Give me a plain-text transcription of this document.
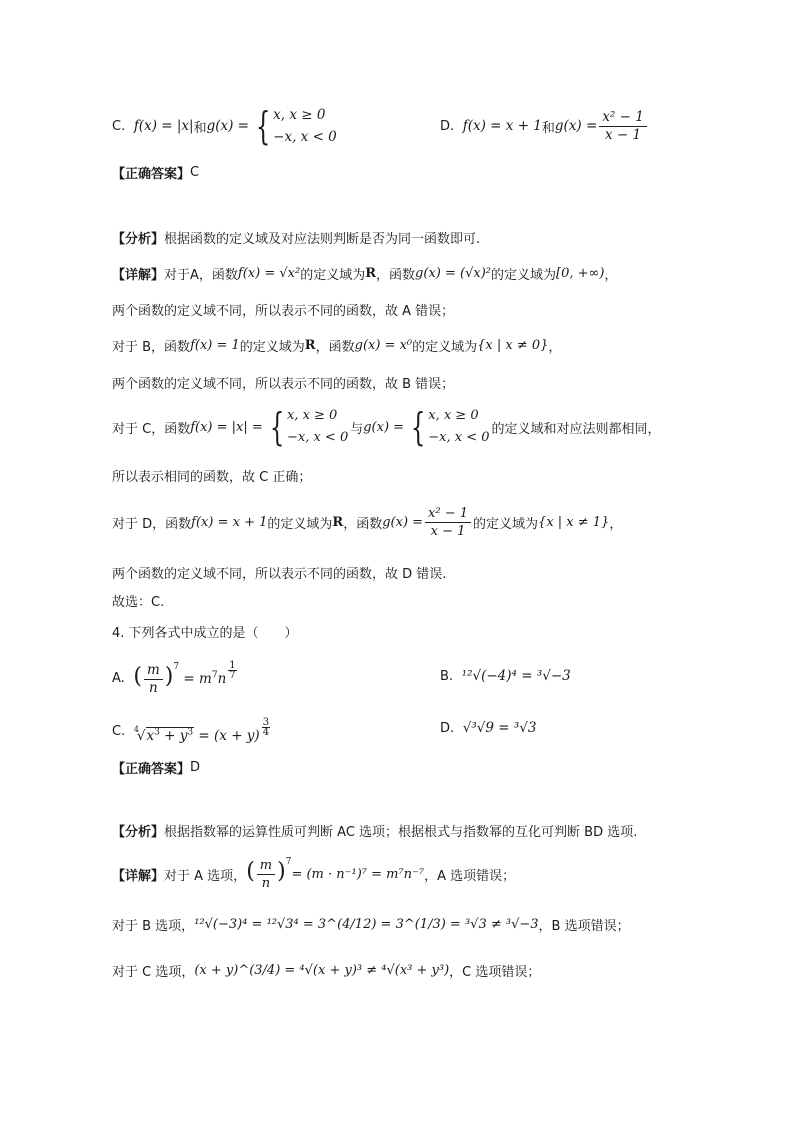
C.
f(x) = |x| 和 g(x) = { x, x ≥ 0
−x, x < 0
D.
f(x) = x + 1 和 $g(x) = \frac{\text{x² − 1}}{x - 1}$
【正确答案】 C
【分析】 根据函数的定义域及对应法则判断是否为同一函数即可.
【详解】 对于A，函数 f(x) = √x² 的定义域为 R ，函数 g(x) = (√x)² 的定义域为 [0, +∞) ，
两个函数的定义域不同，所以表示不同的函数，故 A 错误；
对于 B，函数 f(x) = 1 的定义域为 R ，函数 g(x) = x⁰ 的定义域为 {x | x ≠ 0} ，
两个函数的定义域不同，所以表示不同的函数，故 B 错误；
对于 C，函数 f(x) = |x| = { x, x ≥ 0
−x, x < 0
与 g(x) = { x, x ≥ 0
−x, x < 0
的定义域和对应法则都相同，
所以表示相同的函数，故 C 正确；
对于 D，函数 f(x) = x + 1 的定义域为 R ，函数 $g(x) = \frac{\text{x² − 1}}{x - 1}$ 的定义域为 {x | x ≠ 1} ，
两个函数的定义域不同，所以表示不同的函数，故 D 错误.
故选：C.
4. 下列各式中成立的是（　　）
A.
( $\frac{m}{n} )^7 = m^7n$ $^{\frac{1}{7}}$	B.
¹²√(−4)⁴ = ³√−3
C.
$^4√x^3 + y^3 = (x + y)$ $^{\frac{3}{4}}$	D.
√³√9 = ³√3
【正确答案】 D
【分析】 根据指数幂的运算性质可判断 AC 选项；根据根式与指数幂的互化可判断 BD 选项.
【详解】 对于 A 选项， ( $\frac{m}{n} )^7$
= (m · n⁻¹)⁷ = m⁷n⁻⁷ ，A 选项错误；
对于 B 选项， ¹²√(−3)⁴ = ¹²√3⁴ = 3^(4/12) = 3^(1/3) = ³√3 ≠ ³√−3 ，B 选项错误；
对于 C 选项， (x + y)^(3/4) = ⁴√(x + y)³ ≠ ⁴√(x³ + y³) ，C 选项错误；
